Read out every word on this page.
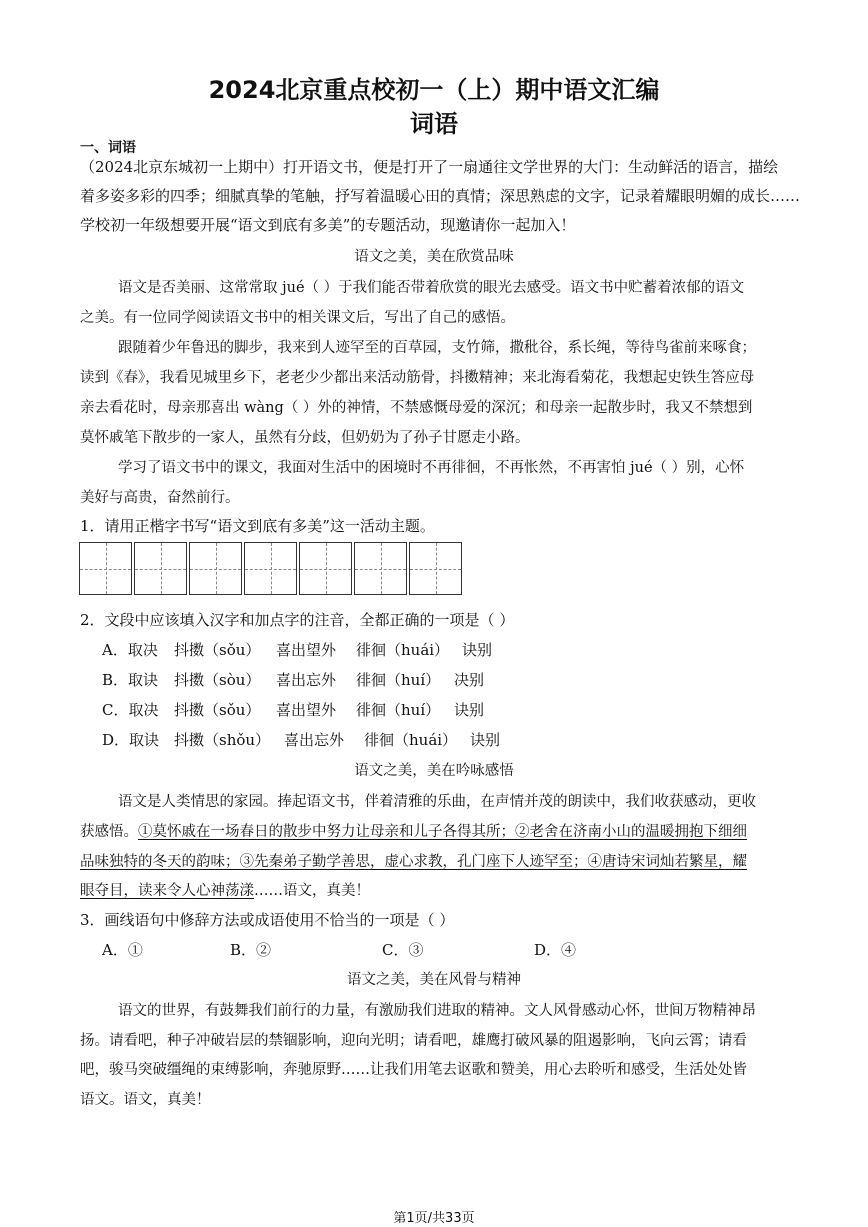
2024北京重点校初一（上）期中语文汇编
词语
一、词语
（2024北京东城初一上期中）打开语文书，便是打开了一扇通往文学世界的大门：生动鲜活的语言，描绘
着多姿多彩的四季；细腻真挚的笔触，抒写着温暖心田的真情；深思熟虑的文字，记录着耀眼明媚的成长……
学校初一年级想要开展“语文到底有多美”的专题活动，现邀请你一起加入！
语文之美，美在欣赏品味
语文是否美丽、这常常取 jué（ ）于我们能否带着欣赏的眼光去感受。语文书中贮蓄着浓郁的语文
之美。有一位同学阅读语文书中的相关课文后，写出了自己的感悟。
跟随着少年鲁迅的脚步，我来到人迹罕至的百草园，支竹筛，撒秕谷，系长绳，等待鸟雀前来啄食；
读到《春》，我看见城里乡下，老老少少都出来活动筋骨，抖擞精神；来北海看菊花，我想起史铁生答应母
亲去看花时，母亲那喜出 wàng（ ）外的神情，不禁感慨母爱的深沉；和母亲一起散步时，我又不禁想到
莫怀戚笔下散步的一家人，虽然有分歧，但奶奶为了孙子甘愿走小路。
学习了语文书中的课文，我面对生活中的困境时不再徘徊，不再怅然，不再害怕 jué（ ）别，心怀
美好与高贵，奋然前行。
1．请用正楷字书写“语文到底有多美”这一活动主题。
2．文段中应该填入汉字和加点字的注音，全都正确的一项是（ ）
A．取决 抖擞（sǒu） 喜出望外 徘徊（huái） 诀别
B．取诀 抖擞（sòu） 喜出忘外 徘徊（huí） 决别
C．取决 抖擞（sǒu） 喜出望外 徘徊（huí） 诀别
D．取诀 抖擞（shǒu） 喜出忘外 徘徊（huái） 诀别
语文之美，美在吟咏感悟
语文是人类情思的家园。捧起语文书，伴着清雅的乐曲，在声情并茂的朗读中，我们收获感动，更收
获感悟。①莫怀戚在一场春日的散步中努力让母亲和儿子各得其所；②老舍在济南小山的温暖拥抱下细细
品味独特的冬天的韵味；③先秦弟子勤学善思，虚心求教，孔门座下人迹罕至；④唐诗宋词灿若繁星，耀
眼夺目，读来令人心神荡漾……语文，真美！
3．画线语句中修辞方法或成语使用不恰当的一项是（ ）
A．①	B．②	C．③	D．④
语文之美，美在风骨与精神
语文的世界，有鼓舞我们前行的力量，有激励我们进取的精神。文人风骨感动心怀，世间万物精神昂
扬。请看吧，种子冲破岩层的禁锢影响，迎向光明；请看吧，雄鹰打破风暴的阻遏影响，飞向云霄；请看
吧，骏马突破缰绳的束缚影响，奔驰原野……让我们用笔去讴歌和赞美，用心去聆听和感受，生活处处皆
语文。语文，真美！
第1页/共33页
